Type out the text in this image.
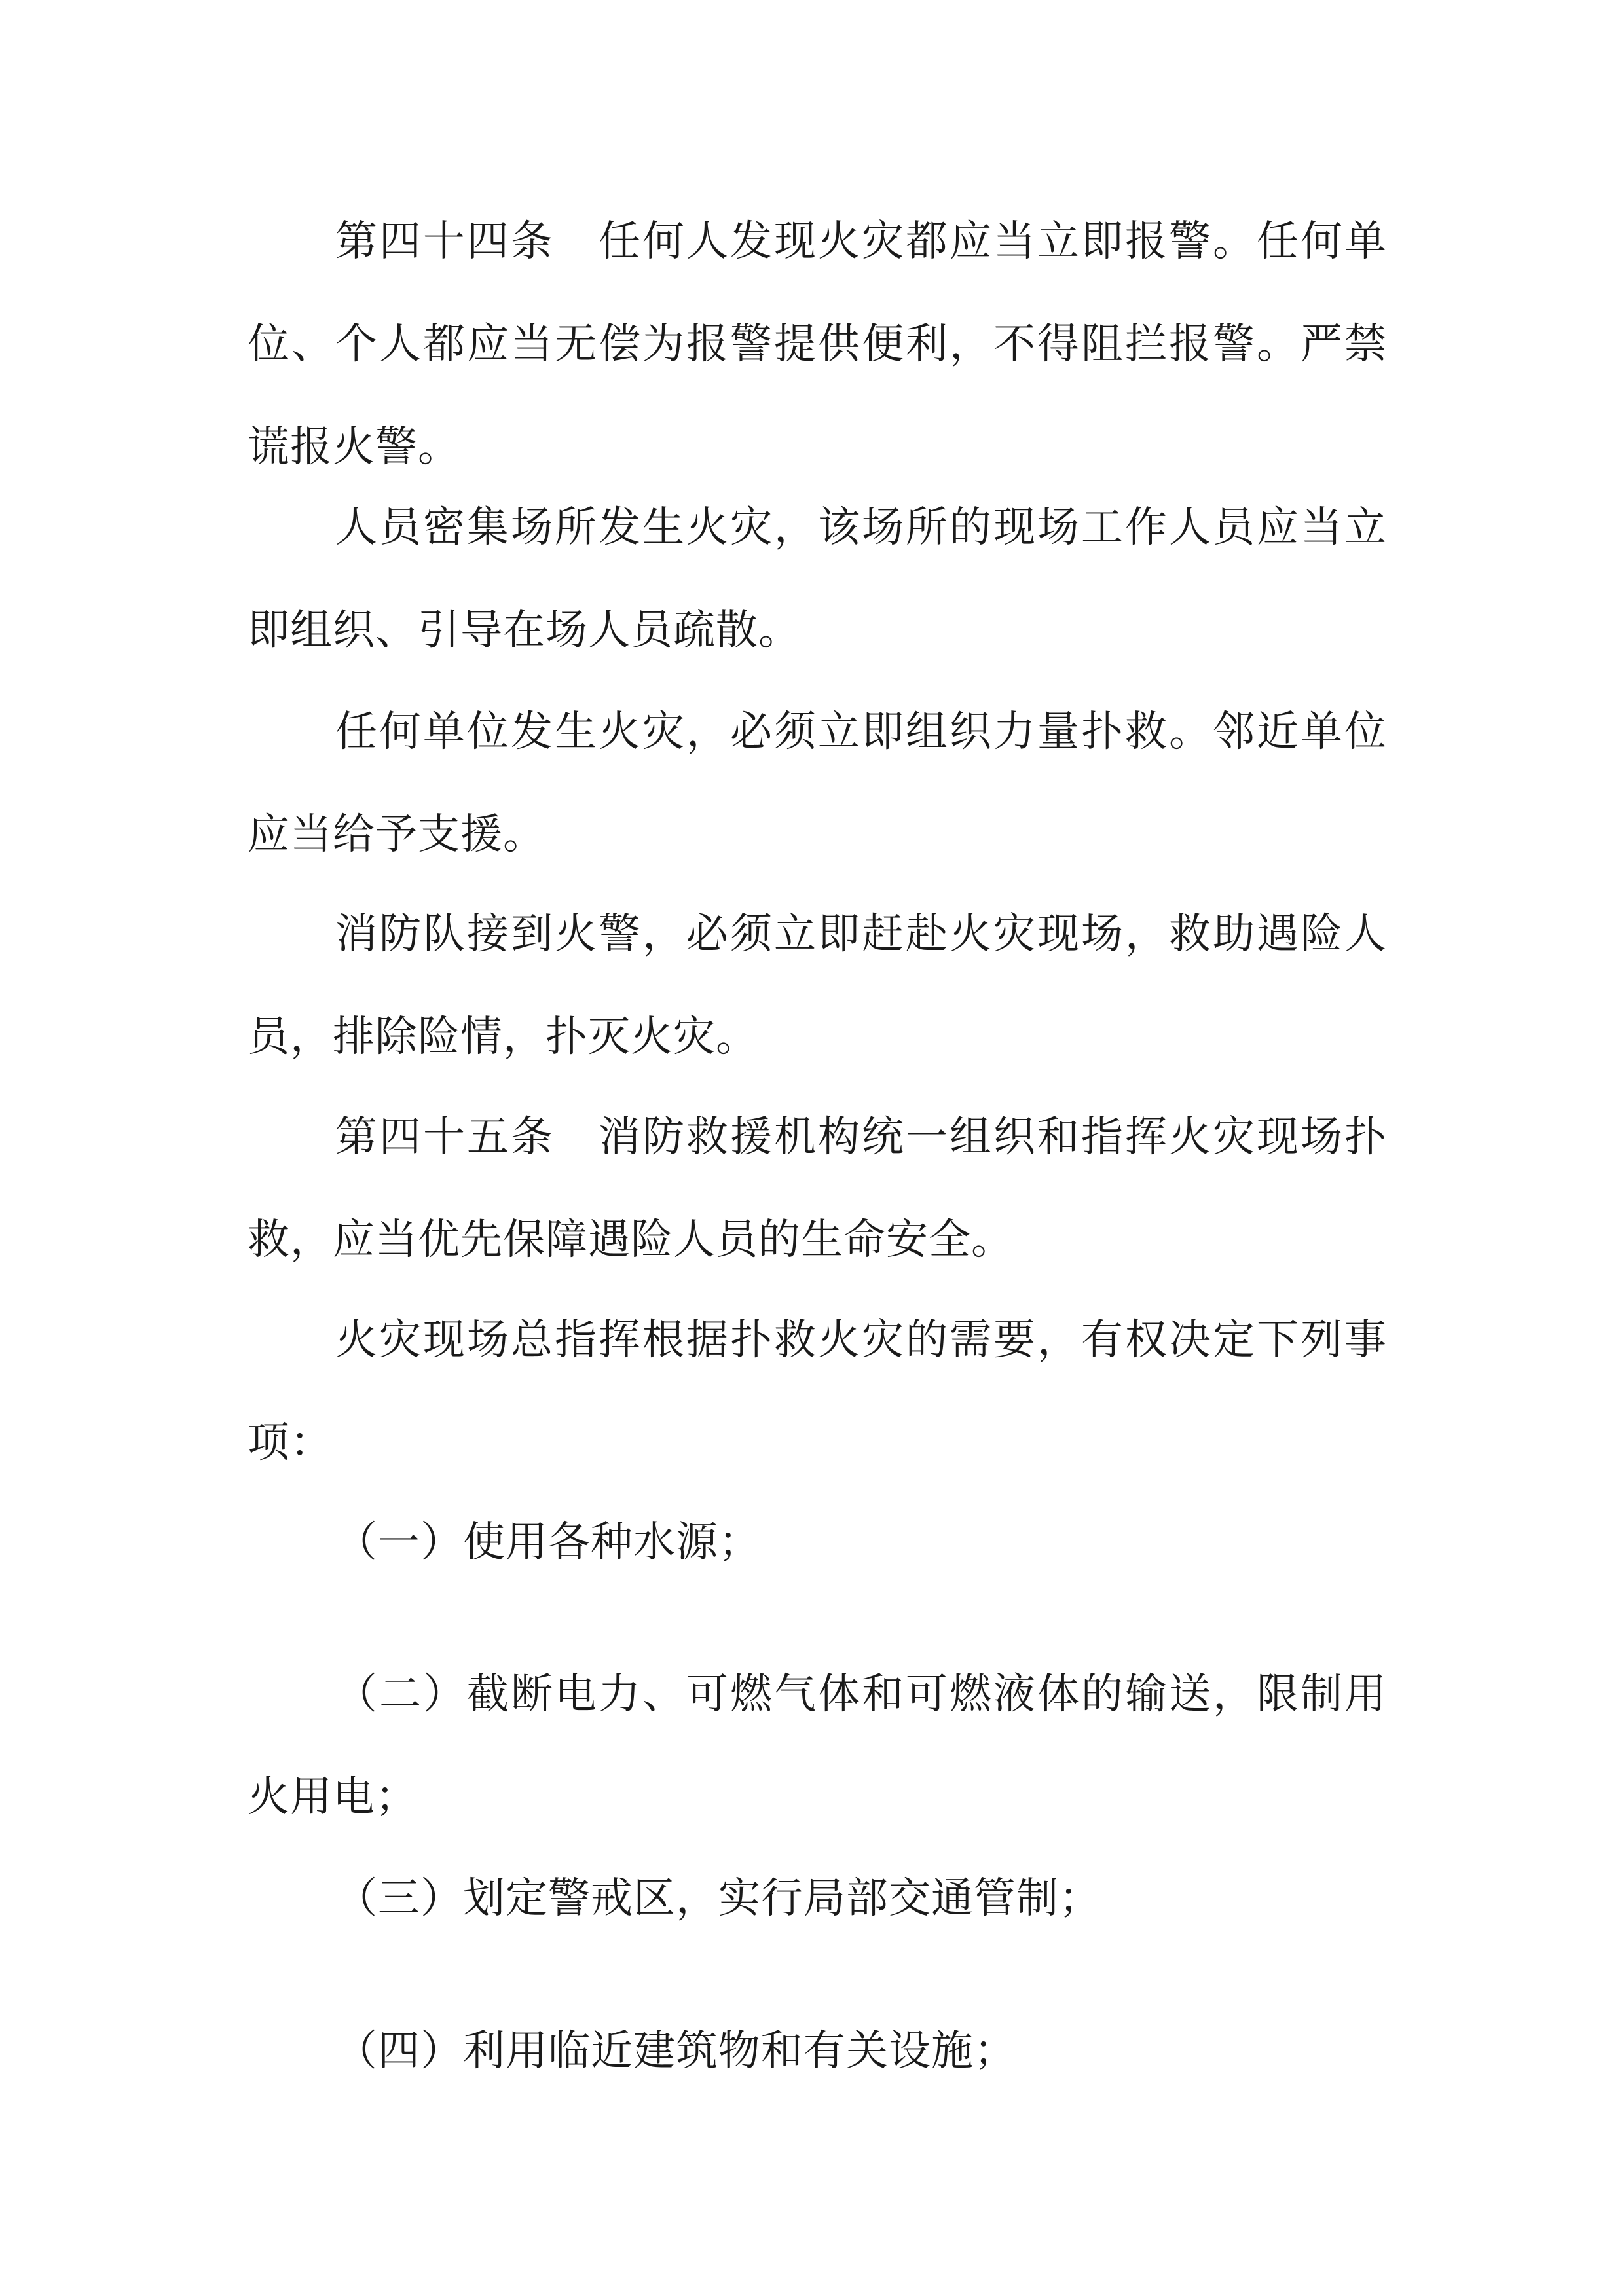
第四十四条　任何人发现火灾都应当立即报警。任何单位、个人都应当无偿为报警提供便利，不得阻拦报警。严禁谎报火警。

人员密集场所发生火灾，该场所的现场工作人员应当立即组织、引导在场人员疏散。

任何单位发生火灾，必须立即组织力量扑救。邻近单位应当给予支援。

消防队接到火警，必须立即赶赴火灾现场，救助遇险人员，排除险情，扑灭火灾。

第四十五条　消防救援机构统一组织和指挥火灾现场扑救，应当优先保障遇险人员的生命安全。

火灾现场总指挥根据扑救火灾的需要，有权决定下列事项：

（一）使用各种水源；

（二）截断电力、可燃气体和可燃液体的输送，限制用火用电；

（三）划定警戒区，实行局部交通管制；

（四）利用临近建筑物和有关设施；
